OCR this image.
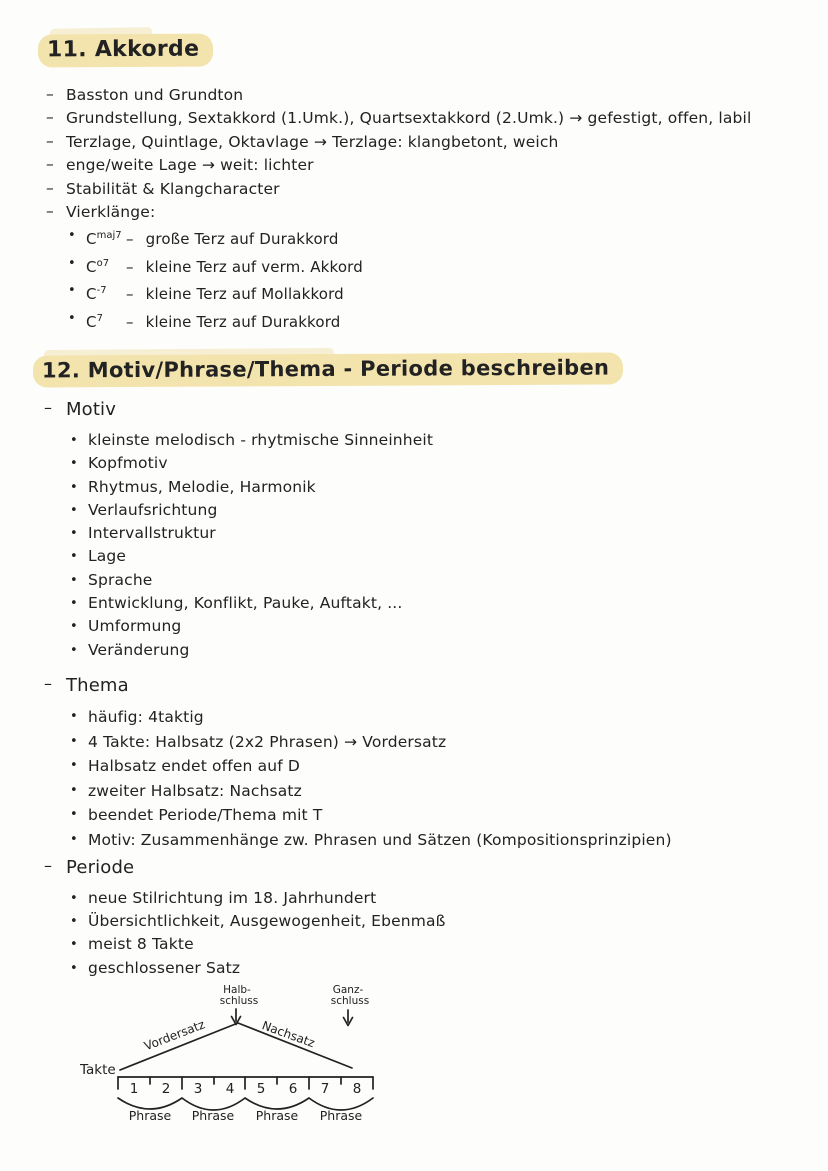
11. Akkorde
– Basston und Grundton
– Grundstellung, Sextakkord (1.Umk.), Quartsextakkord (2.Umk.) → gefestigt, offen, labil
– Terzlage, Quintlage, Oktavlage → Terzlage: klangbetont, weich
– enge/weite Lage → weit: lichter
– Stabilität & Klangcharacter
– Vierklänge:
• $C^{maj7}$ – große Terz auf Durakkord
• $C^{o7}$ – kleine Terz auf verm. Akkord
• $C^{-7}$ – kleine Terz auf Mollakkord
• $C^7$ – kleine Terz auf Durakkord
12. Motiv/Phrase/Thema - Periode beschreiben
– Motiv
• kleinste melodisch - rhytmische Sinneinheit
• Kopfmotiv
• Rhytmus, Melodie, Harmonik
• Verlaufsrichtung
• Intervallstruktur
• Lage
• Sprache
• Entwicklung, Konflikt, Pauke, Auftakt, ...
• Umformung
• Veränderung
– Thema
• häufig: 4taktig
• 4 Takte: Halbsatz (2x2 Phrasen) → Vordersatz
• Halbsatz endet offen auf D
• zweiter Halbsatz: Nachsatz
• beendet Periode/Thema mit T
• Motiv: Zusammenhänge zw. Phrasen und Sätzen (Kompositionsprinzipien)
– Periode
• neue Stilrichtung im 18. Jahrhundert
• Übersichtlichkeit, Ausgewogenheit, Ebenmaß
• meist 8 Takte
• geschlossener Satz
Halb-
schluss
Ganz-
schluss
Vordersatz	Nachsatz
Takte
1 2 3 4 5 6 7 8
Phrase Phrase Phrase Phrase
